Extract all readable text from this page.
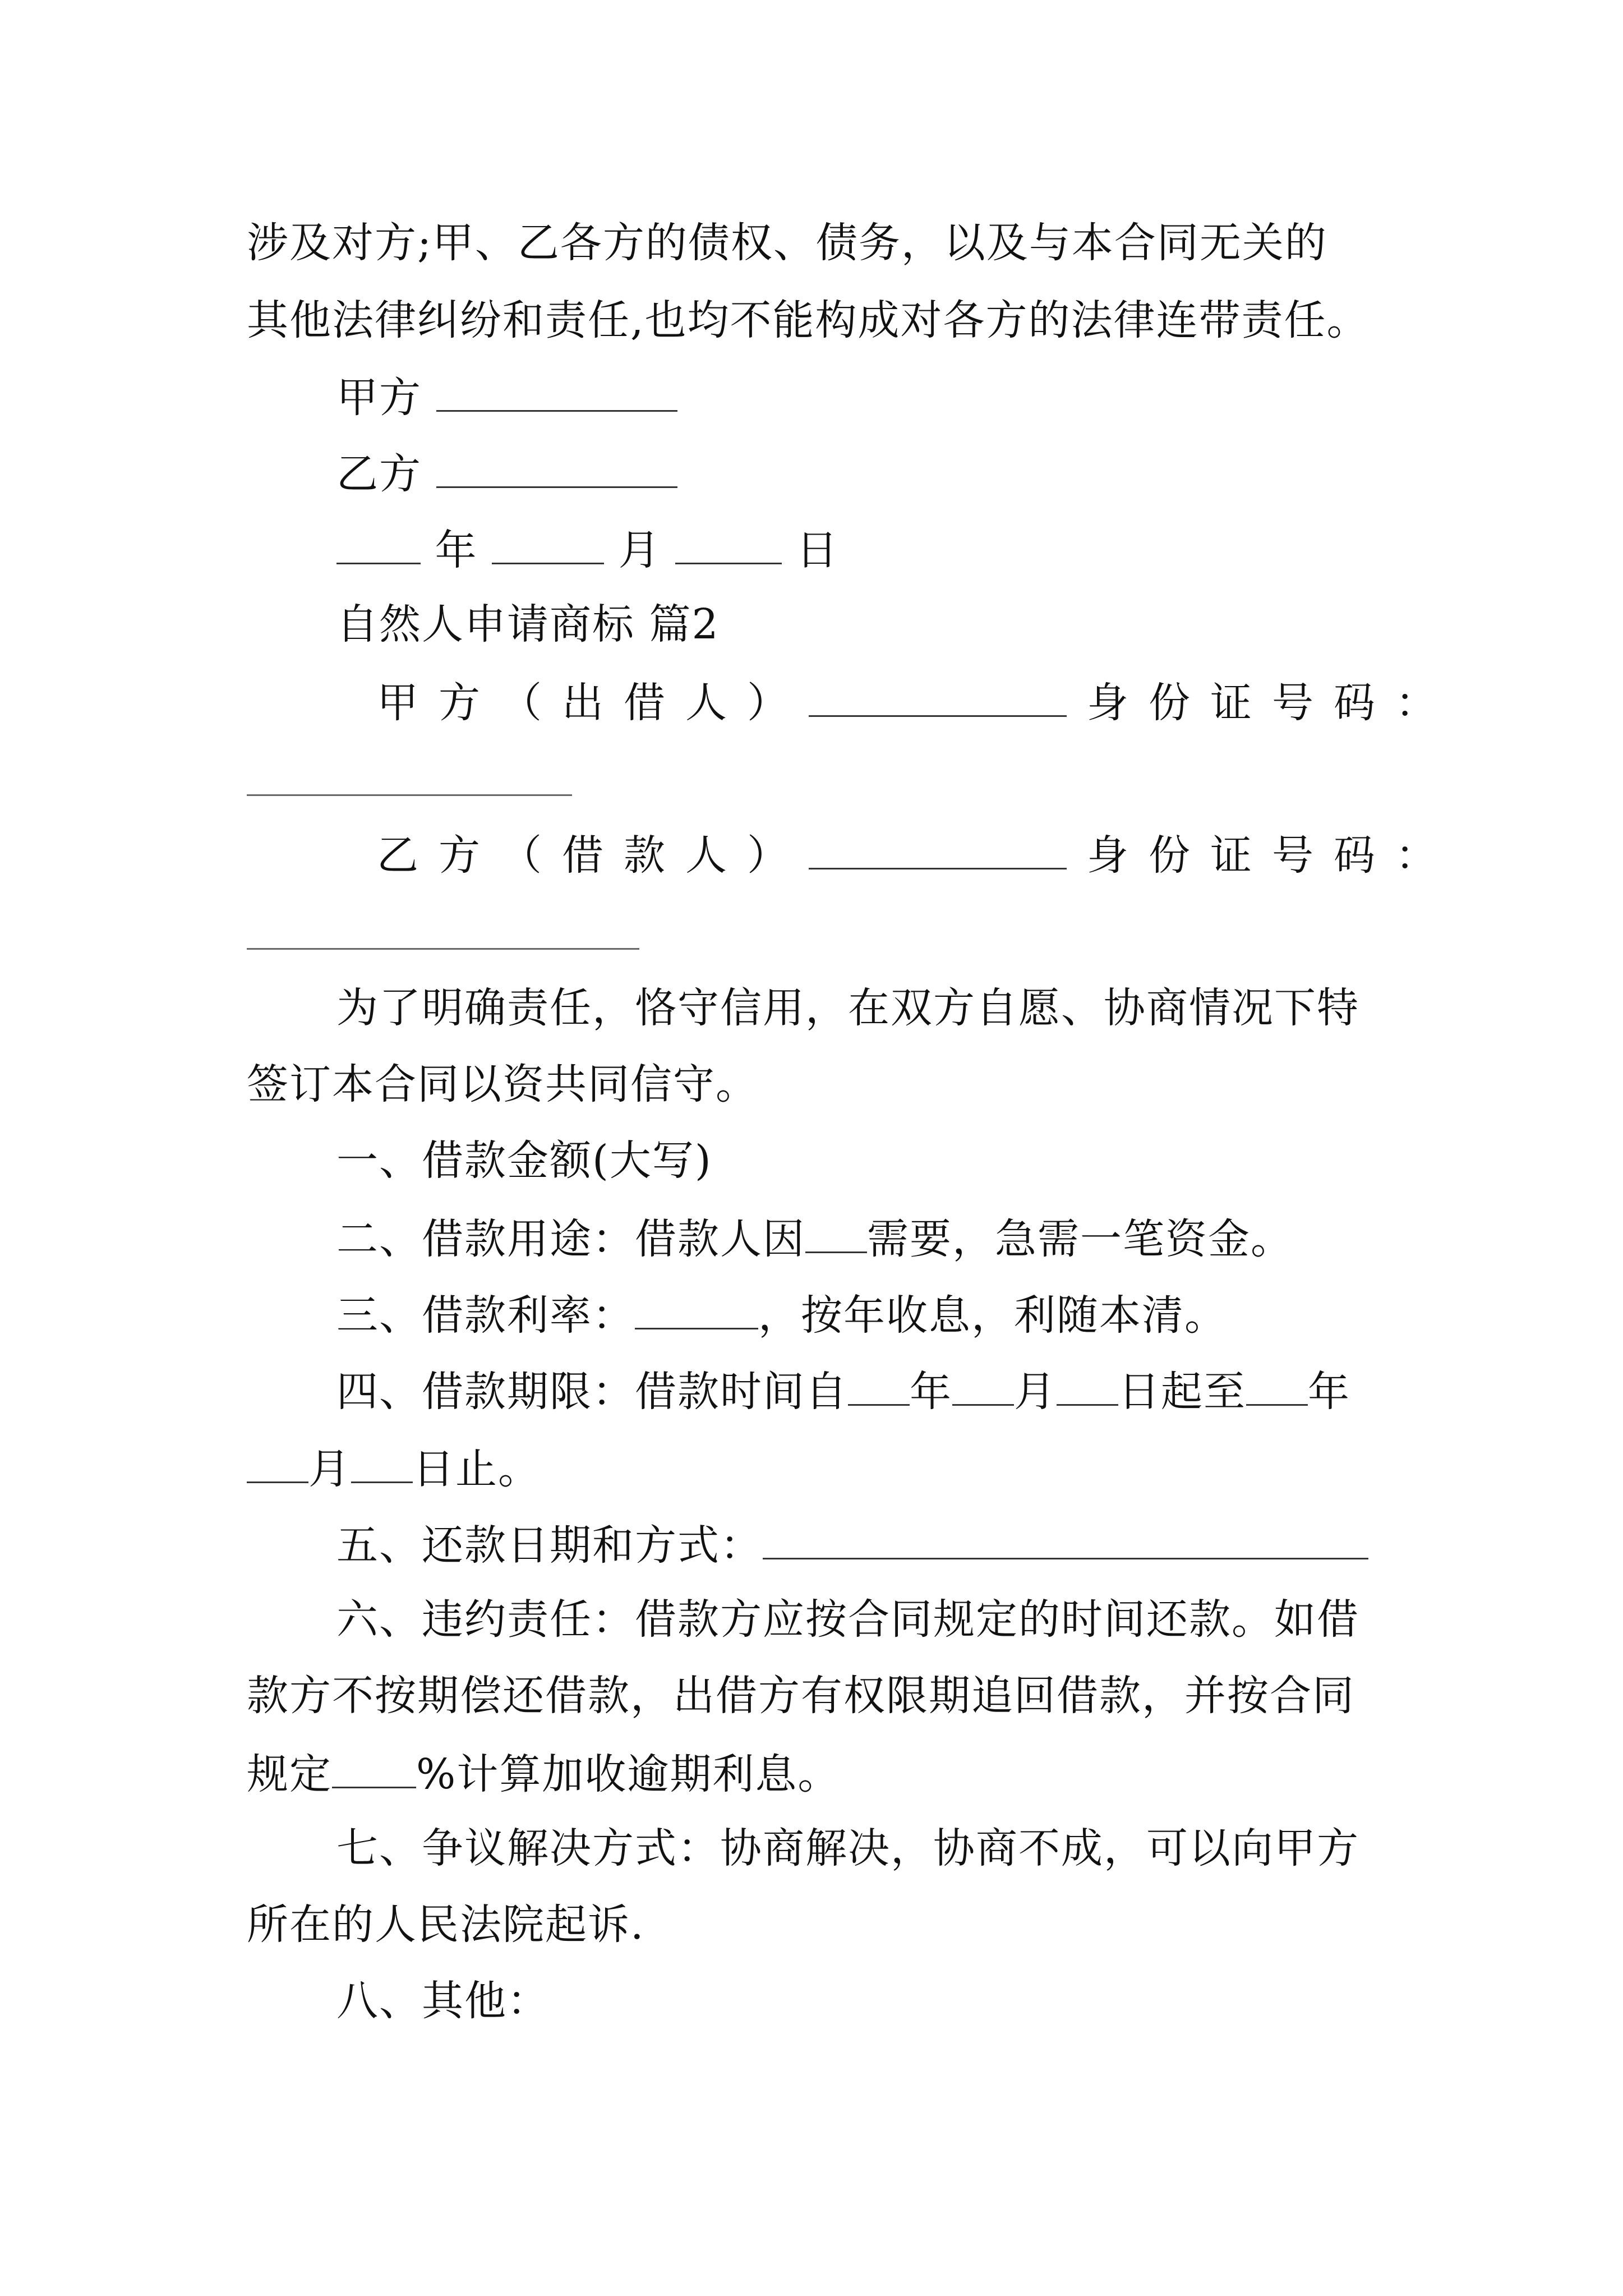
涉及对方;甲、乙各方的债权、债务，以及与本合同无关的

其他法律纠纷和责任,也均不能构成对各方的法律连带责任。

甲方

乙方

年	月	日

自然人申请商标 篇2

甲方（出借人）	身份证号码：

乙方（借款人）	身份证号码：

为了明确责任，恪守信用，在双方自愿、协商情况下特

签订本合同以资共同信守。

一、借款金额(大写)

二、借款用途：借款人因 需要，急需一笔资金。

三、借款利率：	，按年收息，利随本清。

四、借款期限：借款时间自 年 月 日起至 年

月 日止。

五、还款日期和方式：

六、违约责任：借款方应按合同规定的时间还款。如借

款方不按期偿还借款，出借方有权限期追回借款，并按合同

规定 %计算加收逾期利息。

七、争议解决方式：协商解决，协商不成，可以向甲方

所在的人民法院起诉.

八、其他：
